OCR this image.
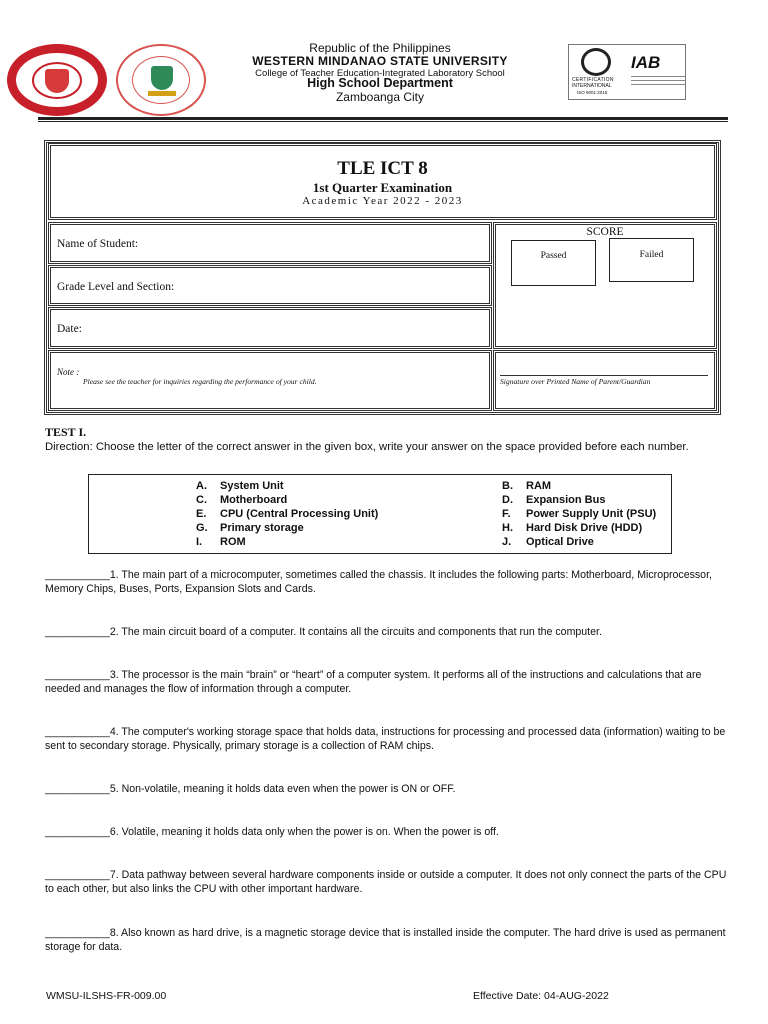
Republic of the Philippines
WESTERN MINDANAO STATE UNIVERSITY
College of Teacher Education-Integrated Laboratory School
High School Department
Zamboanga City
CERTIFICATION
INTERNATIONAL
ISO 9001:2015
IAB
TLE ICT 8
1st Quarter Examination
Academic Year 2022 - 2023
Name of Student:
Grade Level and Section:
Date:
SCORE
Passed	Failed
Note :
Please see the teacher for inquiries regarding the performance of your child.	Signature over Printed Name of Parent/Guardian
TEST I.
Direction: Choose the letter of the correct answer in the given box, write your answer on the space provided before each number.
A. System Unit	B. RAM
C. Motherboard	D. Expansion Bus
E. CPU (Central Processing Unit)	F. Power Supply Unit (PSU)
G. Primary storage	H. Hard Disk Drive (HDD)
I. ROM	J. Optical Drive
___________1. The main part of a microcomputer, sometimes called the chassis. It includes the following parts: Motherboard, Microprocessor, Memory Chips, Buses, Ports, Expansion Slots and Cards.
___________2. The main circuit board of a computer. It contains all the circuits and components that run the computer.
___________3. The processor is the main “brain” or “heart” of a computer system. It performs all of the instructions and calculations that are needed and manages the flow of information through a computer.
___________4. The computer's working storage space that holds data, instructions for processing and processed data (information) waiting to be sent to secondary storage. Physically, primary storage is a collection of RAM chips.
___________5. Non-volatile, meaning it holds data even when the power is ON or OFF.
___________6. Volatile, meaning it holds data only when the power is on. When the power is off.
___________7. Data pathway between several hardware components inside or outside a computer. It does not only connect the parts of the CPU to each other, but also links the CPU with other important hardware.
___________8. Also known as hard drive, is a magnetic storage device that is installed inside the computer. The hard drive is used as permanent storage for data.
WMSU-ILSHS-FR-009.00	Effective Date: 04-AUG-2022
